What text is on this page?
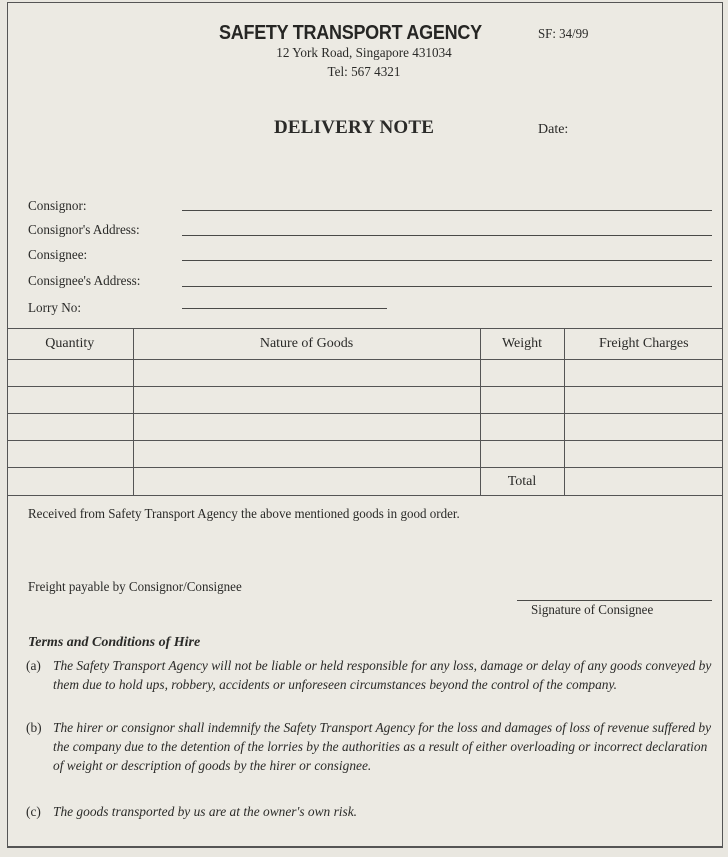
SAFETY TRANSPORT AGENCY	SF: 34/99
12 York Road, Singapore 431034
Tel: 567 4321
DELIVERY NOTE	Date:
Consignor:
Consignor's Address:
Consignee:
Consignee's Address:
Lorry No:
Quantity	Nature of Goods	Weight	Freight Charges

		Total	
Received from Safety Transport Agency the above mentioned goods in good order.
Freight payable by Consignor/Consignee
Signature of Consignee
Terms and Conditions of Hire
(a) The Safety Transport Agency will not be liable or held responsible for any loss, damage or delay of any goods conveyed by them due to hold ups, robbery, accidents or unforeseen circumstances beyond the control of the company.
(b) The hirer or consignor shall indemnify the Safety Transport Agency for the loss and damages of loss of revenue suffered by the company due to the detention of the lorries by the authorities as a result of either overloading or incorrect declaration of weight or description of goods by the hirer or consignee.
(c) The goods transported by us are at the owner's own risk.
